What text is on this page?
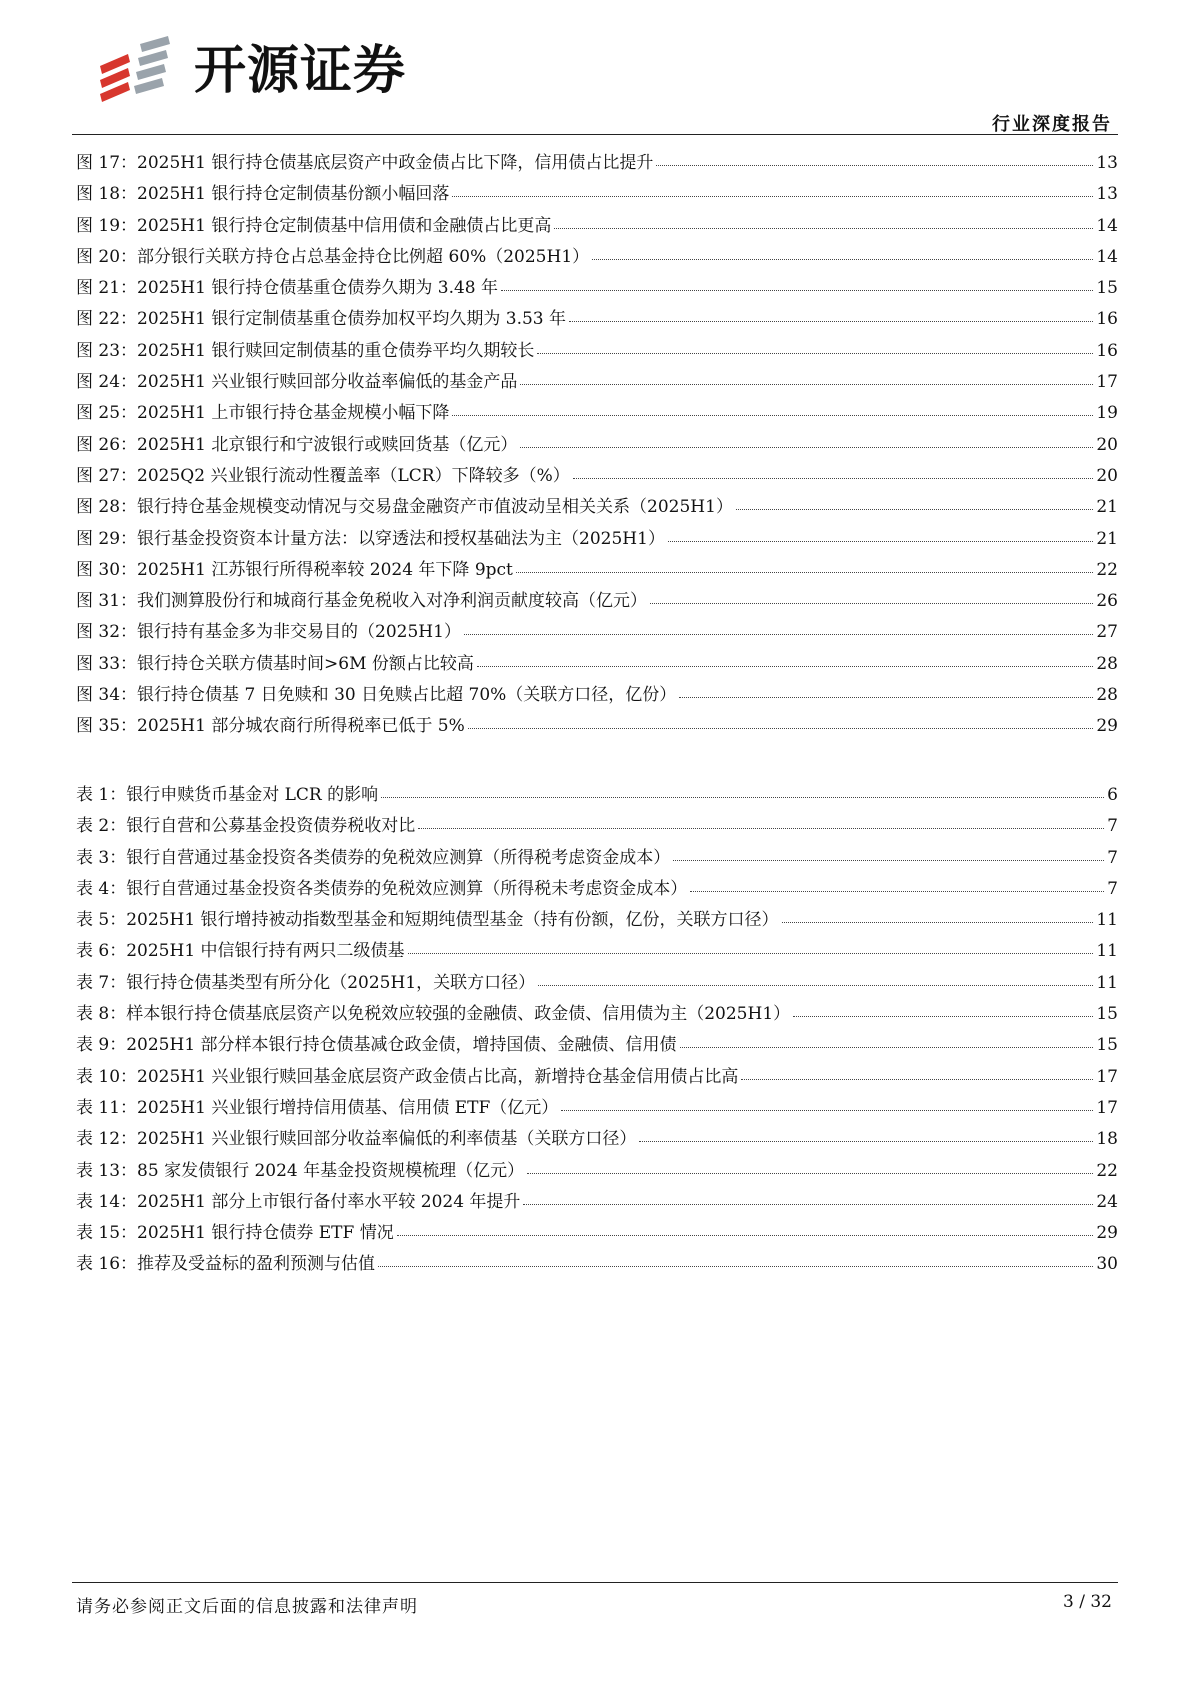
开源证券
行业深度报告
图 17： 2025H1 银行持仓债基底层资产中政金债占比下降，信用债占比提升	13
图 18： 2025H1 银行持仓定制债基份额小幅回落	13
图 19： 2025H1 银行持仓定制债基中信用债和金融债占比更高	14
图 20： 部分银行关联方持仓占总基金持仓比例超 60%（2025H1）	14
图 21： 2025H1 银行持仓债基重仓债券久期为 3.48 年	15
图 22： 2025H1 银行定制债基重仓债券加权平均久期为 3.53 年	16
图 23： 2025H1 银行赎回定制债基的重仓债券平均久期较长	16
图 24： 2025H1 兴业银行赎回部分收益率偏低的基金产品	17
图 25： 2025H1 上市银行持仓基金规模小幅下降	19
图 26： 2025H1 北京银行和宁波银行或赎回货基（亿元）	20
图 27： 2025Q2 兴业银行流动性覆盖率（LCR）下降较多（%）	20
图 28： 银行持仓基金规模变动情况与交易盘金融资产市值波动呈相关关系（2025H1）	21
图 29： 银行基金投资资本计量方法：以穿透法和授权基础法为主（2025H1）	21
图 30： 2025H1 江苏银行所得税率较 2024 年下降 9pct	22
图 31： 我们测算股份行和城商行基金免税收入对净利润贡献度较高（亿元）	26
图 32： 银行持有基金多为非交易目的（2025H1）	27
图 33： 银行持仓关联方债基时间>6M 份额占比较高	28
图 34： 银行持仓债基 7 日免赎和 30 日免赎占比超 70%（关联方口径，亿份）	28
图 35： 2025H1 部分城农商行所得税率已低于 5%	29
表 1： 银行申赎货币基金对 LCR 的影响	6
表 2： 银行自营和公募基金投资债券税收对比	7
表 3： 银行自营通过基金投资各类债券的免税效应测算（所得税考虑资金成本）	7
表 4： 银行自营通过基金投资各类债券的免税效应测算（所得税未考虑资金成本）	7
表 5： 2025H1 银行增持被动指数型基金和短期纯债型基金（持有份额，亿份，关联方口径）	11
表 6： 2025H1 中信银行持有两只二级债基	11
表 7： 银行持仓债基类型有所分化（2025H1，关联方口径）	11
表 8： 样本银行持仓债基底层资产以免税效应较强的金融债、政金债、信用债为主（2025H1）	15
表 9： 2025H1 部分样本银行持仓债基减仓政金债，增持国债、金融债、信用债	15
表 10： 2025H1 兴业银行赎回基金底层资产政金债占比高，新增持仓基金信用债占比高	17
表 11： 2025H1 兴业银行增持信用债基、信用债 ETF（亿元）	17
表 12： 2025H1 兴业银行赎回部分收益率偏低的利率债基（关联方口径）	18
表 13： 85 家发债银行 2024 年基金投资规模梳理（亿元）	22
表 14： 2025H1 部分上市银行备付率水平较 2024 年提升	24
表 15： 2025H1 银行持仓债券 ETF 情况	29
表 16： 推荐及受益标的盈利预测与估值	30
请务必参阅正文后面的信息披露和法律声明	3 / 32
